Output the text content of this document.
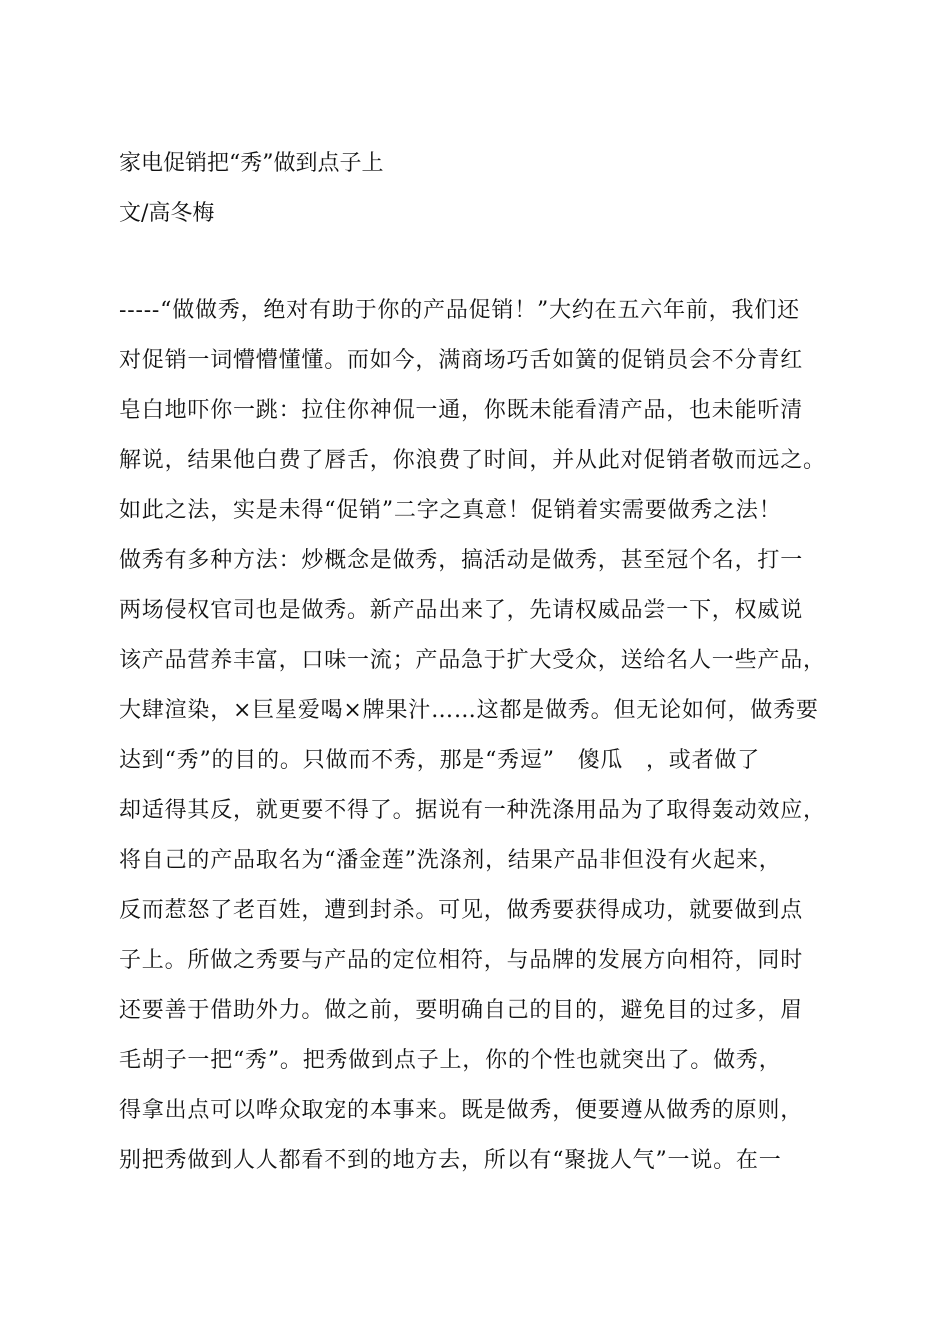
家电促销把“秀”做到点子上
文/高冬梅
-----“做做秀，绝对有助于你的产品促销！”大约在五六年前，我们还
对促销一词懵懵懂懂。而如今，满商场巧舌如簧的促销员会不分青红
皂白地吓你一跳：拉住你神侃一通，你既未能看清产品，也未能听清
解说，结果他白费了唇舌，你浪费了时间，并从此对促销者敬而远之。
如此之法，实是未得“促销”二字之真意！促销着实需要做秀之法！
做秀有多种方法：炒概念是做秀，搞活动是做秀，甚至冠个名，打一
两场侵权官司也是做秀。新产品出来了，先请权威品尝一下，权威说
该产品营养丰富，口味一流；产品急于扩大受众，送给名人一些产品，
大肆渲染，×巨星爱喝×牌果汁……这都是做秀。但无论如何，做秀要
达到“秀”的目的。只做而不秀，那是“秀逗”　傻瓜　，或者做了
却适得其反，就更要不得了。据说有一种洗涤用品为了取得轰动效应，
将自己的产品取名为“潘金莲”洗涤剂，结果产品非但没有火起来，
反而惹怒了老百姓，遭到封杀。可见，做秀要获得成功，就要做到点
子上。所做之秀要与产品的定位相符，与品牌的发展方向相符，同时
还要善于借助外力。做之前，要明确自己的目的，避免目的过多，眉
毛胡子一把“秀”。把秀做到点子上，你的个性也就突出了。做秀，
得拿出点可以哗众取宠的本事来。既是做秀，便要遵从做秀的原则，
别把秀做到人人都看不到的地方去，所以有“聚拢人气”一说。在一
